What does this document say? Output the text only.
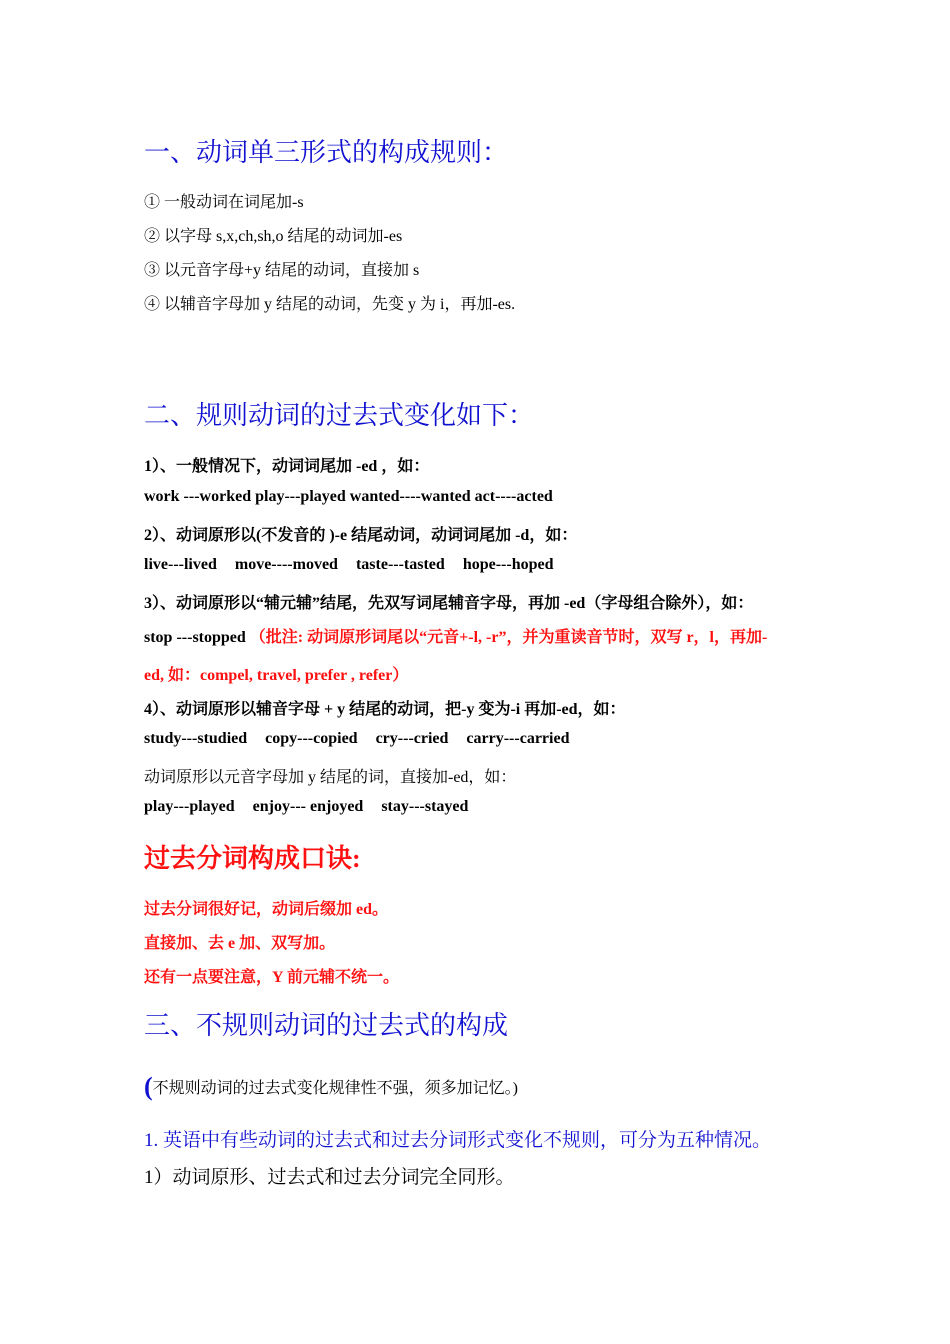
一、动词单三形式的构成规则：
① 一般动词在词尾加-s
② 以字母 s,x,ch,sh,o 结尾的动词加-es
③ 以元音字母+y 结尾的动词，直接加 s
④ 以辅音字母加 y 结尾的动词，先变 y 为 i，再加-es.
二、规则动词的过去式变化如下：
1）、一般情况下，动词词尾加 -ed ，如：
work ---worked play---played wanted----wanted act----acted
2）、动词原形以(不发音的 )-e 结尾动词，动词词尾加 -d，如：
live---lived move----moved taste---tasted hope---hoped
3）、动词原形以“辅元辅”结尾，先双写词尾辅音字母，再加 -ed（字母组合除外），如：
stop ---stopped （批注: 动词原形词尾以“元音+-l, -r”，并为重读音节时，双写 r，l，再加-
ed, 如：compel, travel, prefer , refer）
4）、动词原形以辅音字母 + y 结尾的动词，把-y 变为-i 再加-ed，如：
study---studied copy---copied cry---cried carry---carried
动词原形以元音字母加 y 结尾的词，直接加-ed，如：
play---played enjoy--- enjoyed stay---stayed
过去分词构成口诀:
过去分词很好记，动词后缀加 ed。
直接加、去 e 加、双写加。
还有一点要注意，Y 前元辅不统一。
三、不规则动词的过去式的构成
(不规则动词的过去式变化规律性不强，须多加记忆。)
1. 英语中有些动词的过去式和过去分词形式变化不规则，可分为五种情况。
1）动词原形、过去式和过去分词完全同形。
